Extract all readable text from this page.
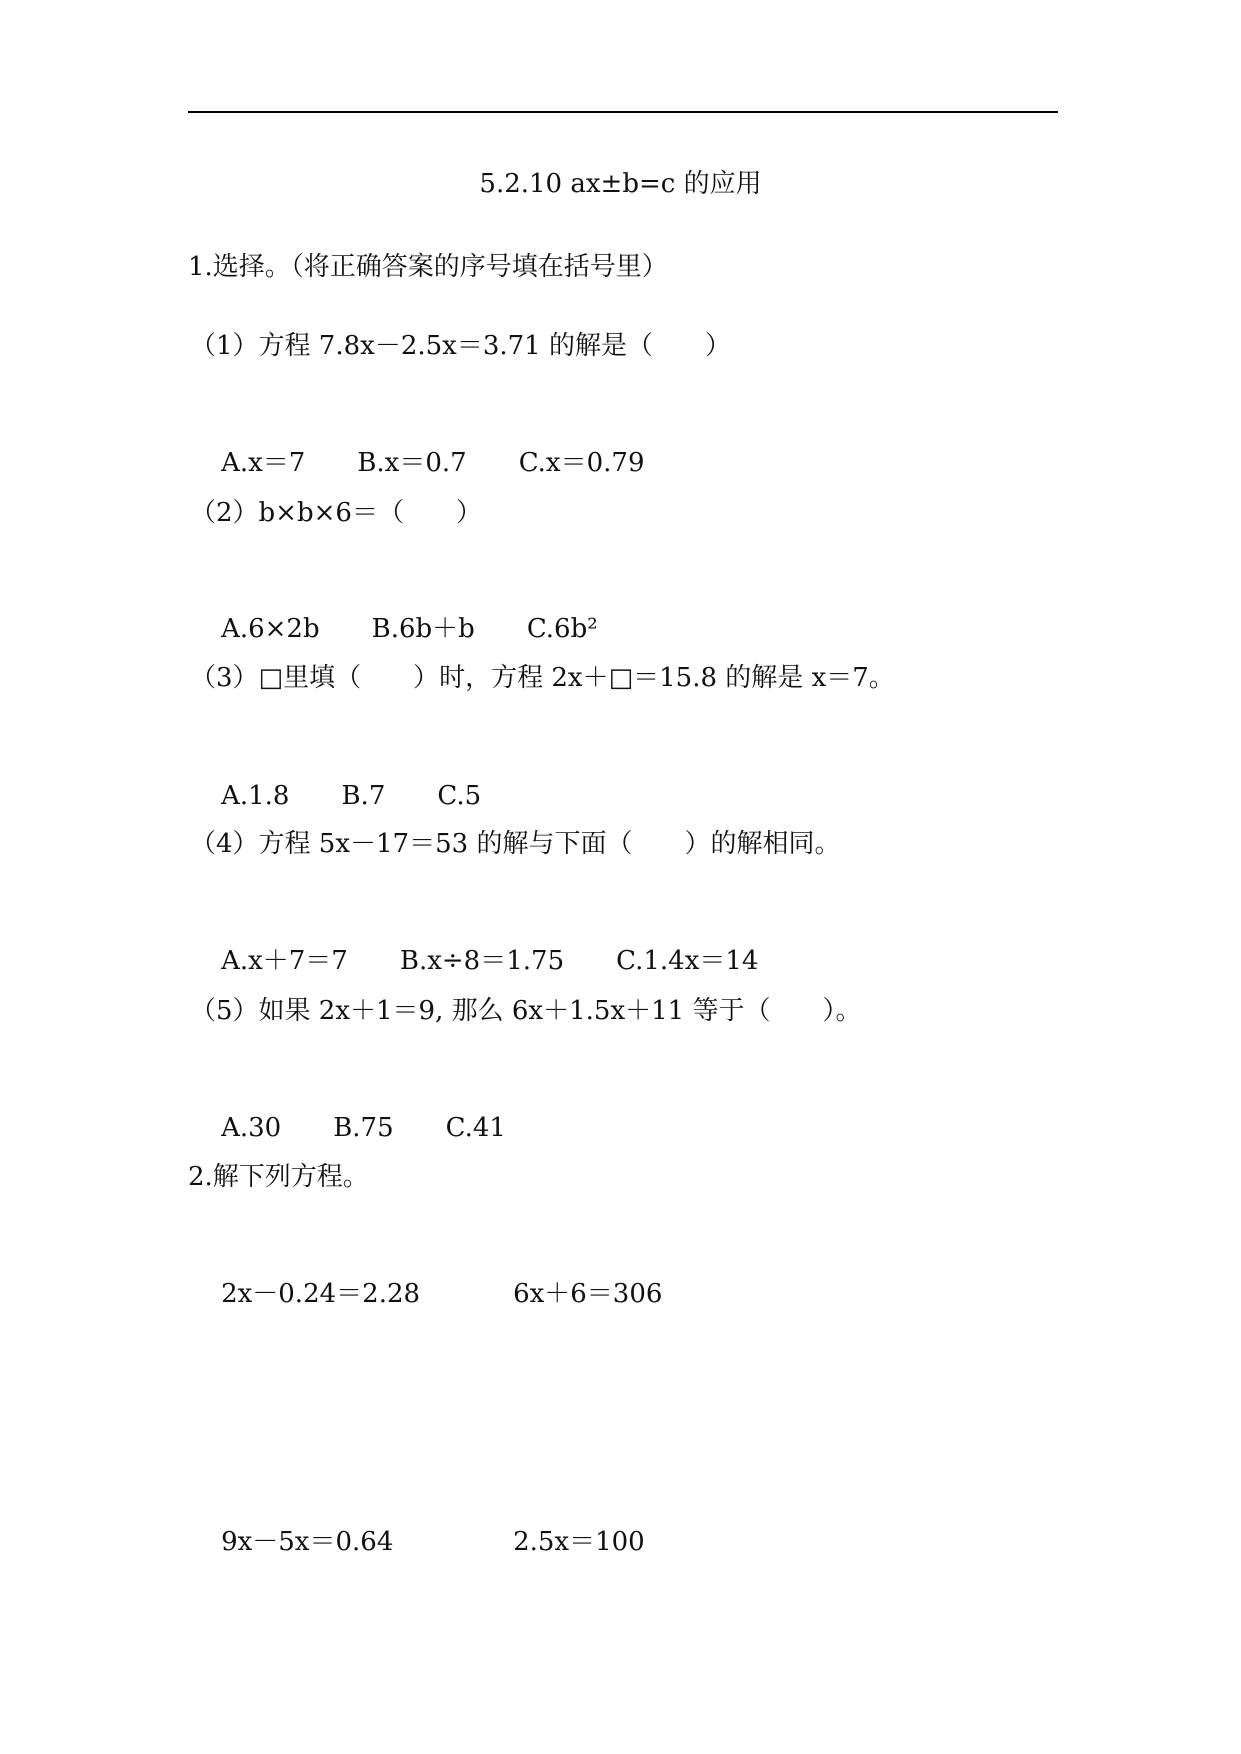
5.2.10 ax±b=c 的应用
1.选择。（将正确答案的序号填在括号里）
（1）方程 7.8x－2.5x＝3.71 的解是（　　）

A.x＝7 B.x＝0.7 C.x＝0.79

（2）b×b×6＝（　　）

A.6×2b B.6b＋b C.6b²

（3）□里填（　　）时，方程 2x＋□＝15.8 的解是 x＝7。

A.1.8 B.7 C.5

（4）方程 5x－17＝53 的解与下面（　　）的解相同。

A.x＋7＝7 B.x÷8＝1.75 C.1.4x＝14

（5）如果 2x＋1＝9, 那么 6x＋1.5x＋11 等于（　　）。

A.30 B.75 C.41

2.解下列方程。

2x－0.24＝2.28	6x＋6＝306

9x－5x＝0.64	2.5x＝100
